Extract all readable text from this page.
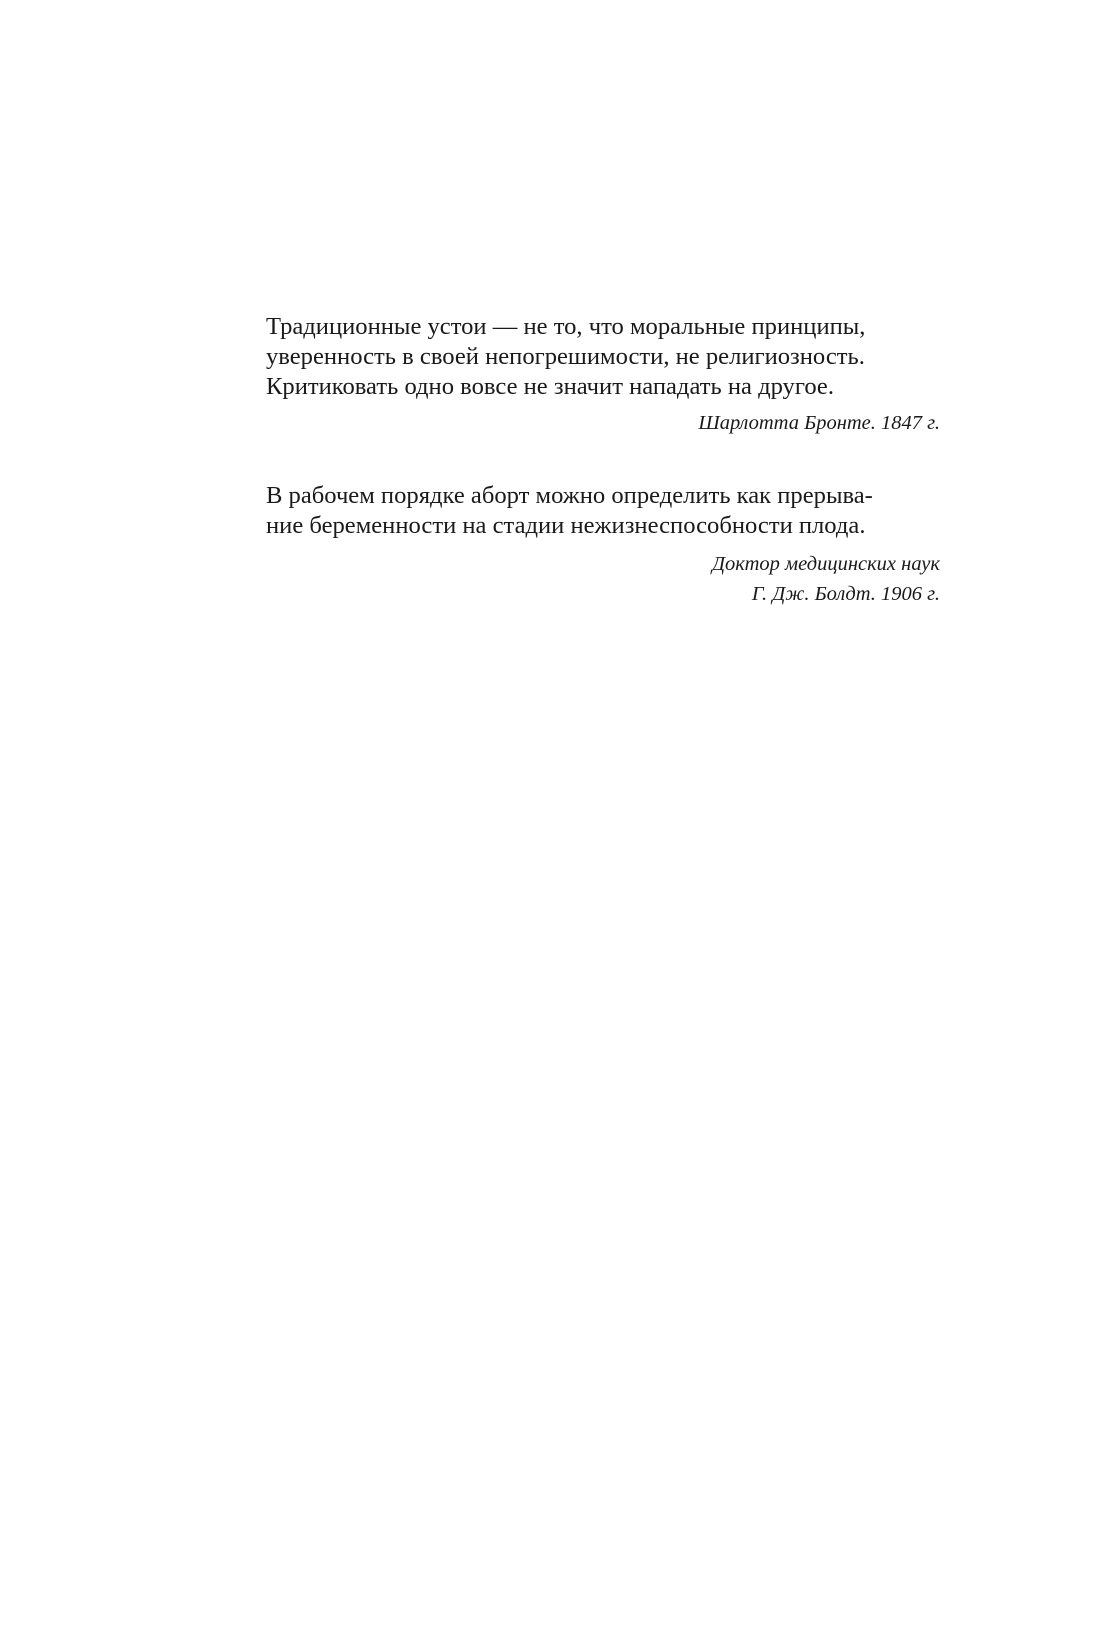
Традиционные устои — не то, что моральные принципы,
уверенность в своей непогрешимости, не религиозность.
Критиковать одно вовсе не значит нападать на другое.
Шарлотта Бронте. 1847 г.
В рабочем порядке аборт можно определить как прерыва-
ние беременности на стадии нежизнеспособности плода.
Доктор медицинских наук
Г. Дж. Болдт. 1906 г.
